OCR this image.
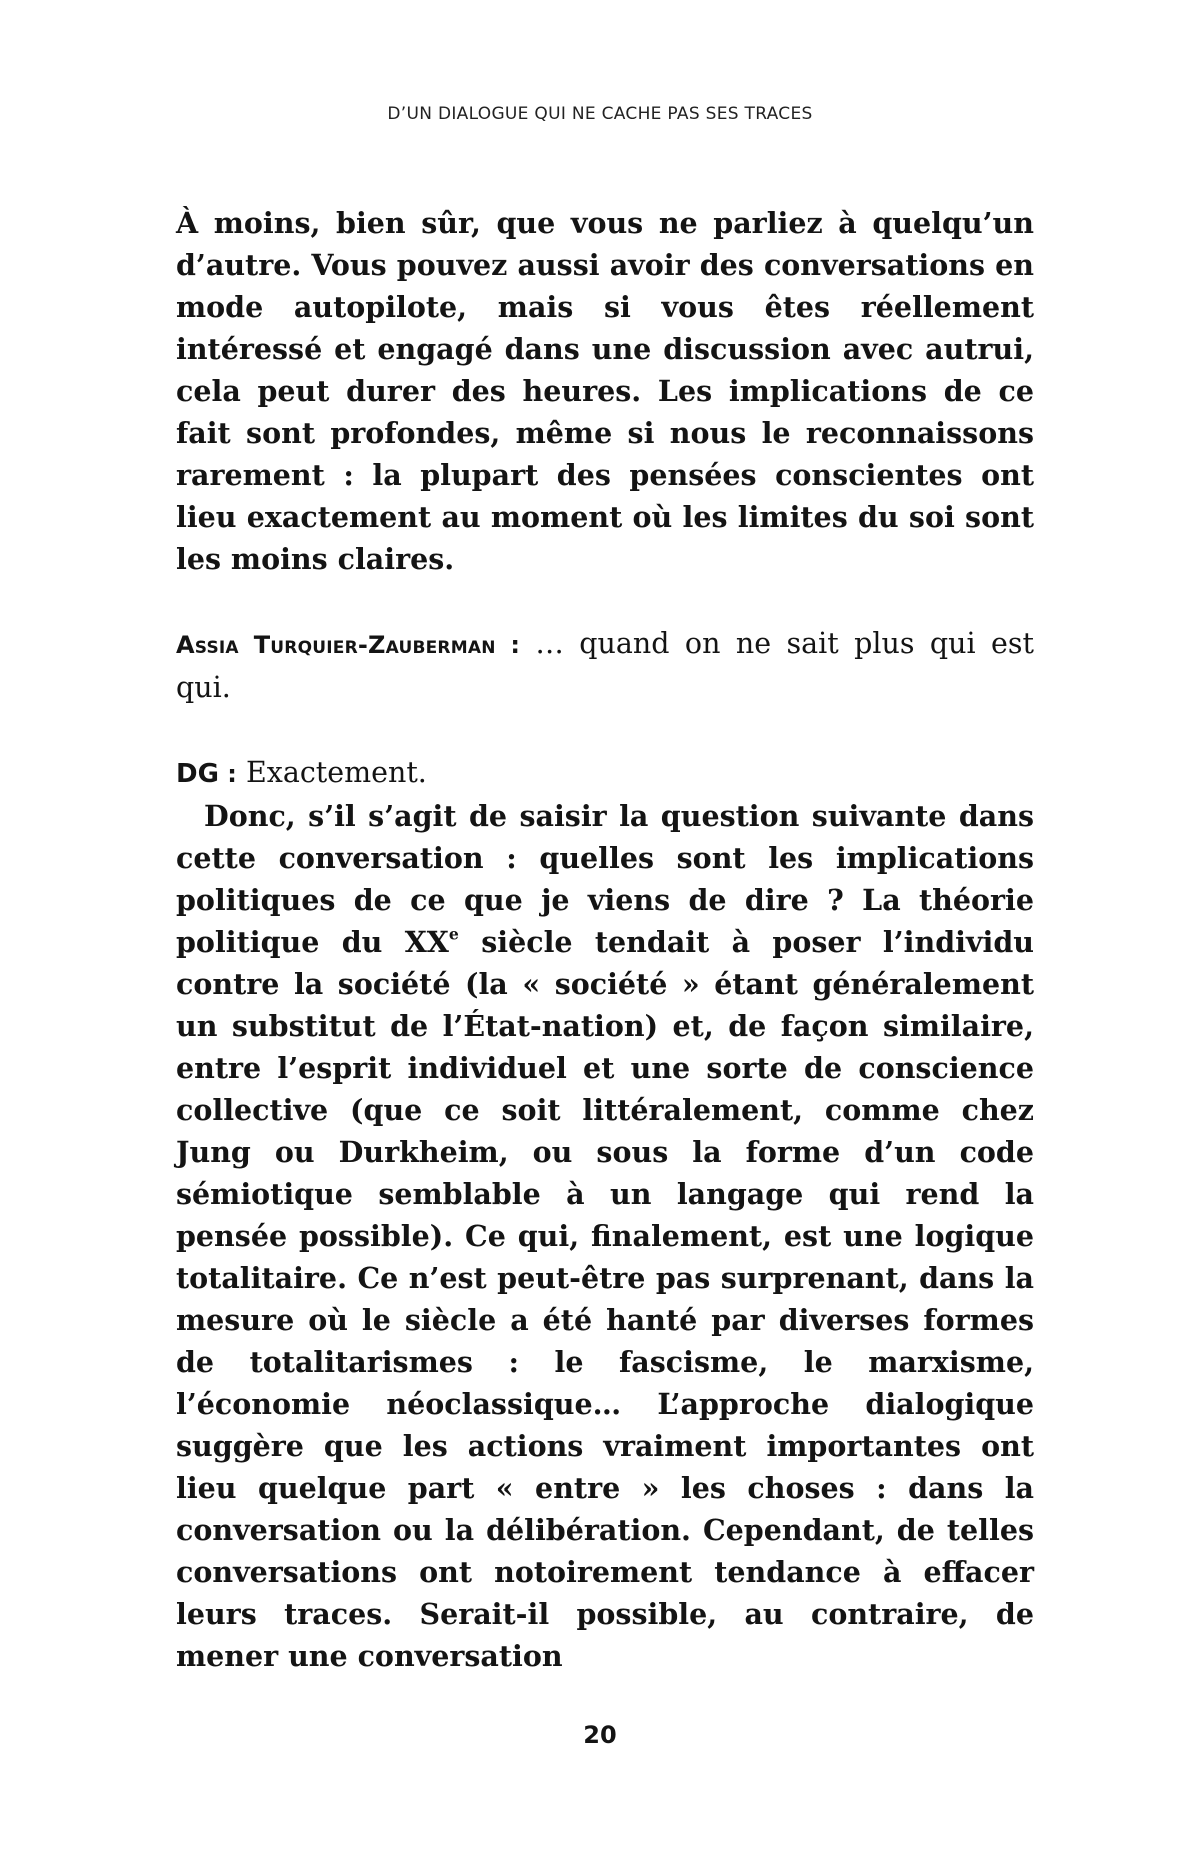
D’UN DIALOGUE QUI NE CACHE PAS SES TRACES

À moins, bien sûr, que vous ne parliez à quelqu’un d’autre. Vous pouvez aussi avoir des conversations en mode autopilote, mais si vous êtes réellement intéressé et engagé dans une discussion avec autrui, cela peut durer des heures. Les implications de ce fait sont profondes, même si nous le reconnaissons rarement : la plupart des pensées conscientes ont lieu exactement au moment où les limites du soi sont les moins claires.

Assia Turquier-Zauberman : … quand on ne sait plus qui est qui.

DG : Exactement.

Donc, s’il s’agit de saisir la question suivante dans cette conversation : quelles sont les implications politiques de ce que je viens de dire ? La théorie politique du XXe siècle tendait à poser l’individu contre la société (la « société » étant généralement un substitut de l’État-nation) et, de façon similaire, entre l’esprit individuel et une sorte de conscience collective (que ce soit littéralement, comme chez Jung ou Durkheim, ou sous la forme d’un code sémiotique semblable à un langage qui rend la pensée possible). Ce qui, finalement, est une logique totalitaire. Ce n’est peut-être pas surprenant, dans la mesure où le siècle a été hanté par diverses formes de totalitarismes : le fascisme, le marxisme, l’économie néoclassique… L’approche dialogique suggère que les actions vraiment importantes ont lieu quelque part « entre » les choses : dans la conversation ou la délibération. Cependant, de telles conversations ont notoirement tendance à effacer leurs traces. Serait-il possible, au contraire, de mener une conversation

20
